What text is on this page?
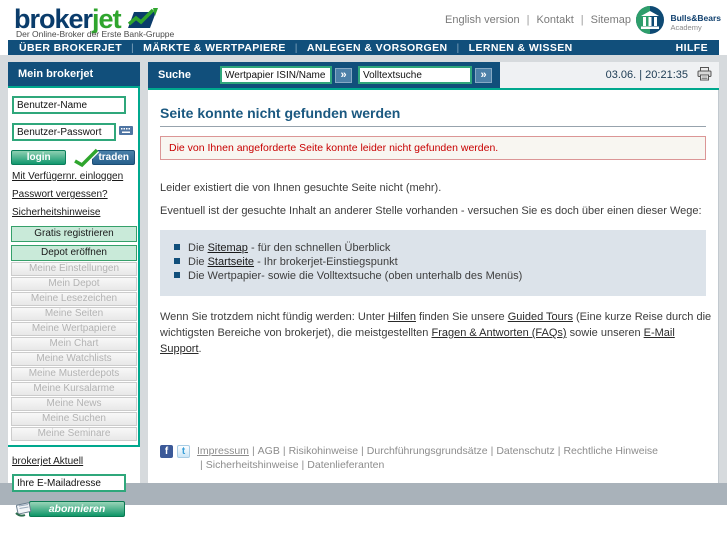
broker jet
Der Online-Broker der Erste Bank-Gruppe
English version | Kontakt | Sitemap	Bulls&Bears
Academy
ÜBER BROKERJET | MÄRKTE & WERTPAPIERE | ANLEGEN & VORSORGEN | LERNEN & WISSEN	HILFE
Mein brokerjet
Benutzer-Name
Benutzer-Passwort
login	traden
Mit Verfügernr. einloggen
Passwort vergessen?
Sicherheitshinweise
Gratis registrieren
Depot eröffnen
Meine Einstellungen
Mein Depot
Meine Lesezeichen
Meine Seiten
Meine Wertpapiere
Mein Chart
Meine Watchlists
Meine Musterdepots
Meine Kursalarme
Meine News
Meine Suchen
Meine Seminare
brokerjet Aktuell
Ihre E-Mailadresse
abonnieren
Suche
Wertpapier ISIN/Name	»
Volltextsuche	»	03.06. | 20:21:35
Seite konnte nicht gefunden werden
Die von Ihnen angeforderte Seite konnte leider nicht gefunden werden.
Leider existiert die von Ihnen gesuchte Seite nicht (mehr).
Eventuell ist der gesuchte Inhalt an anderer Stelle vorhanden - versuchen Sie es doch über einen dieser Wege:
Die Sitemap - für den schnellen Überblick
Die Startseite - Ihr brokerjet-Einstiegspunkt
Die Wertpapier- sowie die Volltextsuche (oben unterhalb des Menüs)
Wenn Sie trotzdem nicht fündig werden: Unter Hilfen finden Sie unsere Guided Tours (Eine kurze Reise durch die wichtigsten Bereiche von brokerjet), die meistgestellten Fragen & Antworten (FAQs) sowie unseren E-Mail Support.
f	t	Impressum | AGB | Risikohinweise | Durchführungsgrundsätze | Datenschutz | Rechtliche Hinweise
| Sicherheitshinweise | Datenlieferanten
